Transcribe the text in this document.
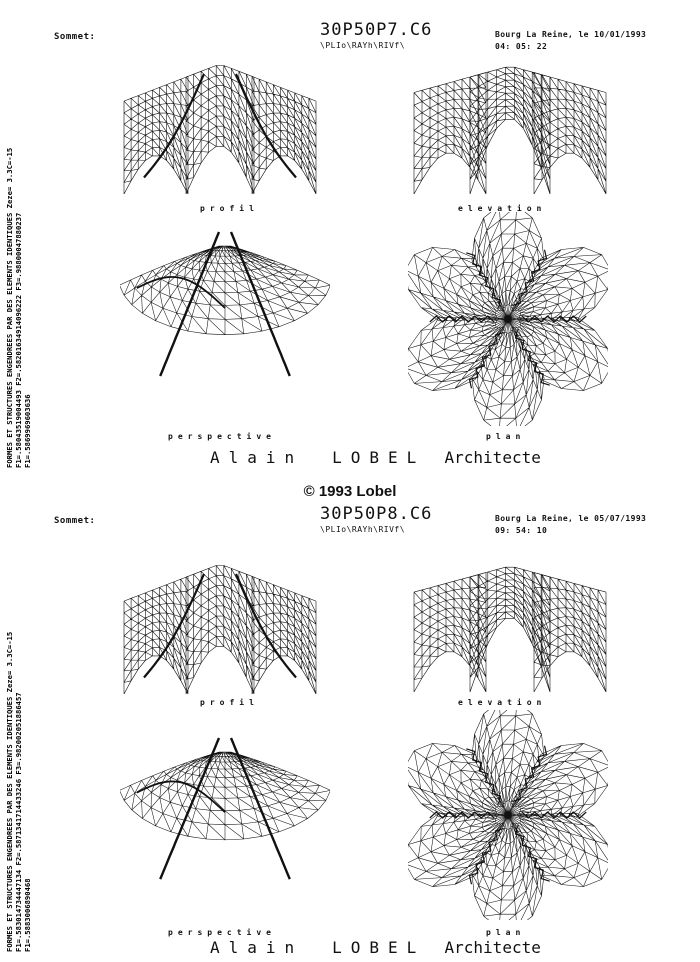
FORMES ET STRUCTURES ENGENDREES PAR DES ELEMENTS IDENTIQUES Zeze= 3.3C=-15 F1=.58043519004493 F2=.58201634914096222 F3=.98800047880237 F1=.5869969603636
Sommet:	30P50P7.C6
\PLIo\RAYh\RIVf\
Bourg La Reine, le 10/01/1993
04: 05: 22
profil	elevation
perspective	plan
Alain LOBEL Architecte
© 1993 Lobel
FORMES ET STRUCTURES ENGENDREES PAR DES ELEMENTS IDENTIQUES Zeze= 3.3C=-15 F1=.583014734447134 F2=.5871341714433246 F3=.982002051886457 F1=.5883006890468
Sommet:	30P50P8.C6
\PLIo\RAYh\RIVf\
Bourg La Reine, le 05/07/1993
09: 54: 10
profil	elevation
perspective	plan
Alain LOBEL Architecte
